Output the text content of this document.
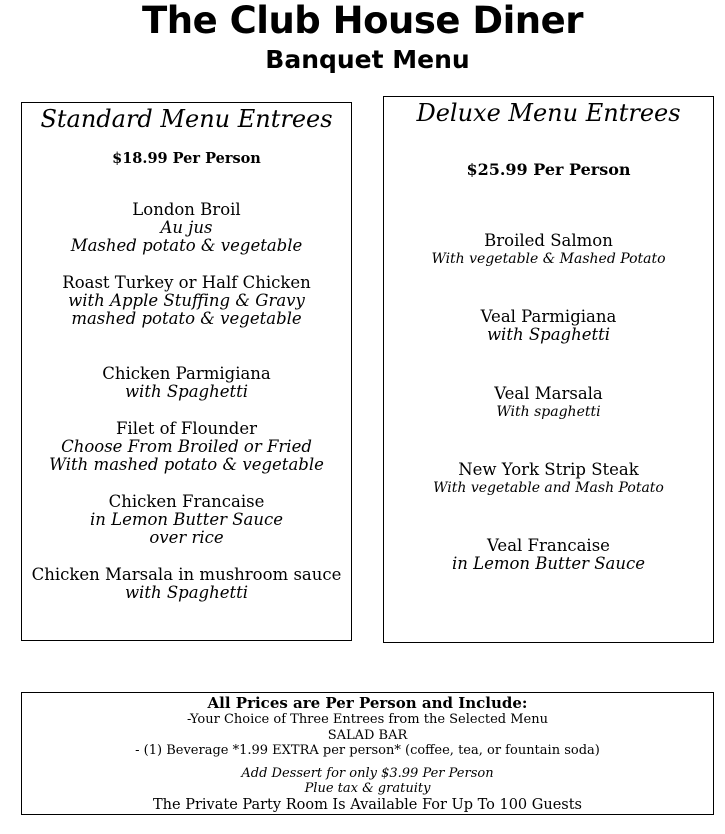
The Club House Diner
Banquet Menu
Standard Menu Entrees
$18.99 Per Person
London Broil
Au jus
Mashed potato & vegetable
Roast Turkey or Half Chicken
with Apple Stuffing & Gravy
mashed potato & vegetable
Chicken Parmigiana
with Spaghetti
Filet of Flounder
Choose From Broiled or Fried
With mashed potato & vegetable
Chicken Francaise
in Lemon Butter Sauce
over rice
Chicken Marsala in mushroom sauce
with Spaghetti
Deluxe Menu Entrees
$25.99 Per Person
Broiled Salmon
With vegetable & Mashed Potato
Veal Parmigiana
with Spaghetti
Veal Marsala
With spaghetti
New York Strip Steak
With vegetable and Mash Potato
Veal Francaise
in Lemon Butter Sauce
All Prices are Per Person and Include:
-Your Choice of Three Entrees from the Selected Menu
SALAD BAR
- (1) Beverage *1.99 EXTRA per person* (coffee, tea, or fountain soda)
Add Dessert for only $3.99 Per Person
Plue tax & gratuity
The Private Party Room Is Available For Up To 100 Guests
